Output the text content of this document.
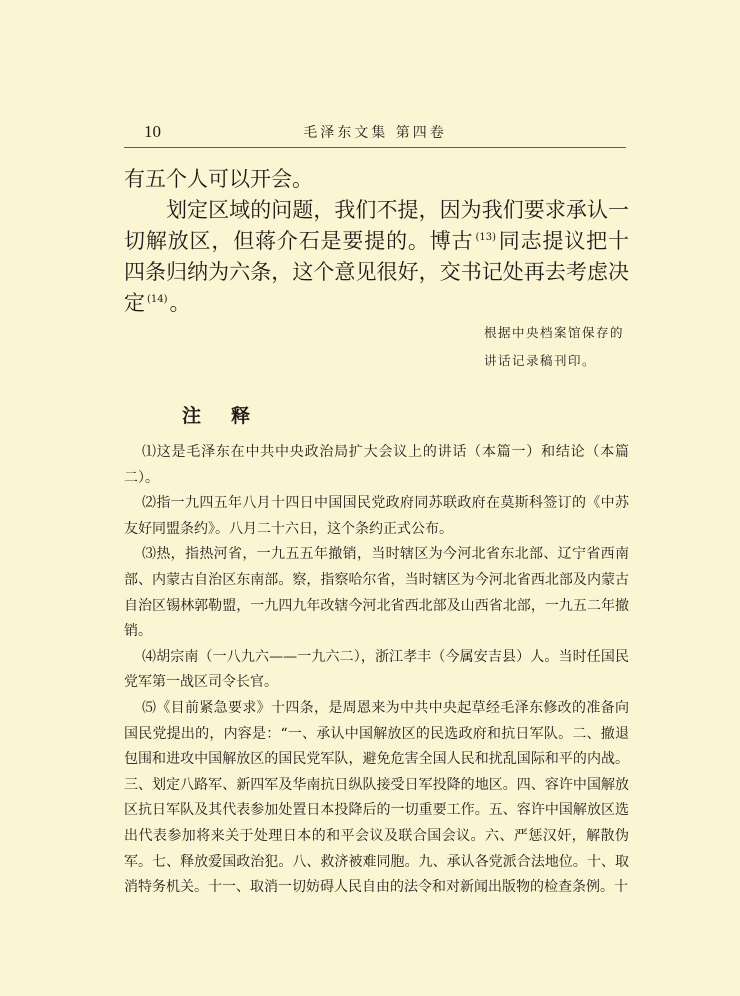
10	毛泽东文集 第四卷

有五个人可以开会。

划定区域的问题，我们不提，因为我们要求承认一切解放区，但蒋介石是要提的。博古 $^{(13)}$同志提议把十四条归纳为六条，这个意见很好，交书记处再去考虑决定 $^{(14)}$。

根据中央档案馆保存的
讲话记录稿刊印。
注释

⑴这是毛泽东在中共中央政治局扩大会议上的讲话（本篇一）和结论（本篇二）。

⑵指一九四五年八月十四日中国国民党政府同苏联政府在莫斯科签订的《中苏友好同盟条约》。八月二十六日，这个条约正式公布。

⑶热，指热河省，一九五五年撤销，当时辖区为今河北省东北部、辽宁省西南部、内蒙古自治区东南部。察，指察哈尔省，当时辖区为今河北省西北部及内蒙古自治区锡林郭勒盟，一九四九年改辖今河北省西北部及山西省北部，一九五二年撤销。

⑷胡宗南（一八九六——一九六二），浙江孝丰（今属安吉县）人。当时任国民党军第一战区司令长官。

⑸《目前紧急要求》十四条，是周恩来为中共中央起草经毛泽东修改的准备向国民党提出的，内容是：“一、承认中国解放区的民选政府和抗日军队。二、撤退包围和进攻中国解放区的国民党军队，避免危害全国人民和扰乱国际和平的内战。三、划定八路军、新四军及华南抗日纵队接受日军投降的地区。四、容许中国解放区抗日军队及其代表参加处置日本投降后的一切重要工作。五、容许中国解放区选出代表参加将来关于处理日本的和平会议及联合国会议。六、严惩汉奸，解散伪军。七、释放爱国政治犯。八、救济被难同胞。九、承认各党派合法地位。十、取消特务机关。十一、取消一切妨碍人民自由的法令和对新闻出版物的检查条例。十
